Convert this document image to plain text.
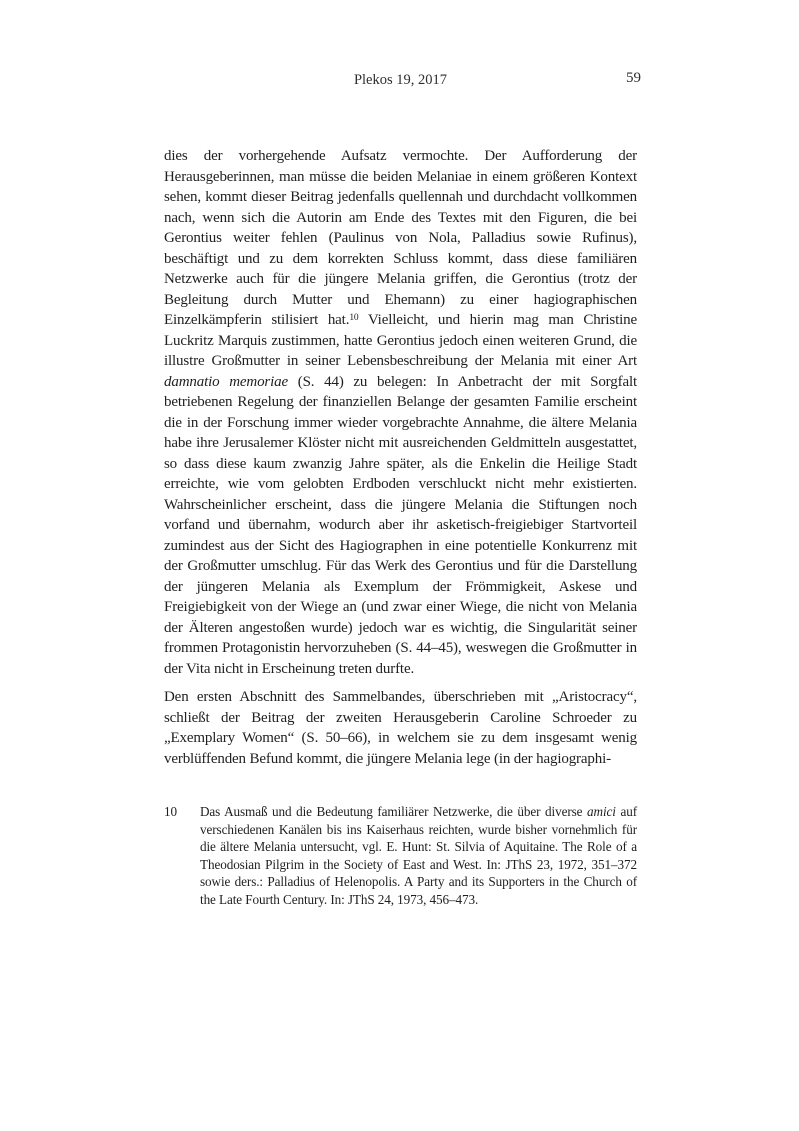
Plekos 19, 2017	59

dies der vorhergehende Aufsatz vermochte. Der Aufforderung der Herausgeberinnen, man müsse die beiden Melaniae in einem größeren Kontext sehen, kommt dieser Beitrag jedenfalls quellennah und durchdacht vollkommen nach, wenn sich die Autorin am Ende des Textes mit den Figuren, die bei Gerontius weiter fehlen (Paulinus von Nola, Palladius sowie Rufinus), beschäftigt und zu dem korrekten Schluss kommt, dass diese familiären Netzwerke auch für die jüngere Melania griffen, die Gerontius (trotz der Begleitung durch Mutter und Ehemann) zu einer hagiographischen Einzelkämpferin stilisiert hat.$^{10}$ Vielleicht, und hierin mag man Christine Luckritz Marquis zustimmen, hatte Gerontius jedoch einen weiteren Grund, die illustre Großmutter in seiner Lebensbeschreibung der Melania mit einer Art damnatio memoriae (S. 44) zu belegen: In Anbetracht der mit Sorgfalt betriebenen Regelung der finanziellen Belange der gesamten Familie erscheint die in der Forschung immer wieder vorgebrachte Annahme, die ältere Melania habe ihre Jerusalemer Klöster nicht mit ausreichenden Geldmitteln ausgestattet, so dass diese kaum zwanzig Jahre später, als die Enkelin die Heilige Stadt erreichte, wie vom gelobten Erdboden verschluckt nicht mehr existierten. Wahrscheinlicher erscheint, dass die jüngere Melania die Stiftungen noch vorfand und übernahm, wodurch aber ihr asketisch-freigiebiger Startvorteil zumindest aus der Sicht des Hagiographen in eine potentielle Konkurrenz mit der Großmutter umschlug. Für das Werk des Gerontius und für die Darstellung der jüngeren Melania als Exemplum der Frömmigkeit, Askese und Freigiebigkeit von der Wiege an (und zwar einer Wiege, die nicht von Melania der Älteren angestoßen wurde) jedoch war es wichtig, die Singularität seiner frommen Protagonistin hervorzuheben (S. 44–45), weswegen die Großmutter in der Vita nicht in Erscheinung treten durfte.

Den ersten Abschnitt des Sammelbandes, überschrieben mit „Aristocracy“, schließt der Beitrag der zweiten Herausgeberin Caroline Schroeder zu „Exemplary Women“ (S. 50–66), in welchem sie zu dem insgesamt wenig verblüffenden Befund kommt, die jüngere Melania lege (in der hagiographi-

10	Das Ausmaß und die Bedeutung familiärer Netzwerke, die über diverse amici auf verschiedenen Kanälen bis ins Kaiserhaus reichten, wurde bisher vornehmlich für die ältere Melania untersucht, vgl. E. Hunt: St. Silvia of Aquitaine. The Role of a Theodosian Pilgrim in the Society of East and West. In: JThS 23, 1972, 351–372 sowie ders.: Palladius of Helenopolis. A Party and its Supporters in the Church of the Late Fourth Century. In: JThS 24, 1973, 456–473.
